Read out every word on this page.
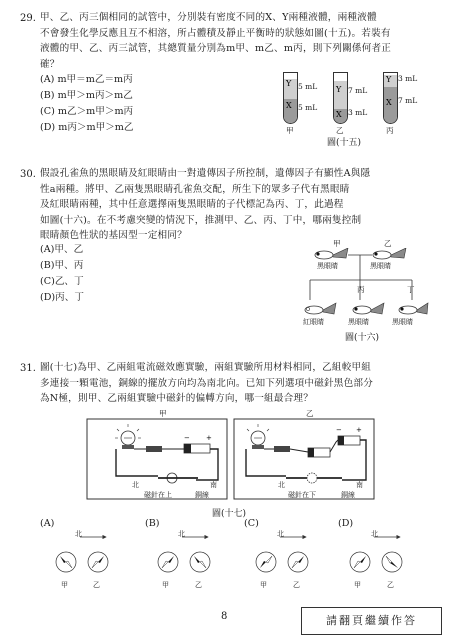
29. 甲、乙、丙三個相同的試管中，分別裝有密度不同的X、Y兩種液體，兩種液體
不會發生化學反應且互不相溶，所占體積及靜止平衡時的狀態如圖(十五)。若裝有
液體的甲、乙、丙三試管，其總質量分別為m甲、m乙、m丙，則下列關係何者正
確？
(A) m甲＝m乙＝m丙
(B) m甲＞m丙＞m乙
(C) m乙＞m甲＞m丙
(D) m丙＞m甲＞m乙
Y
X
5 mL
5 mL
甲
Y
X
7 mL
3 mL
乙
Y
X
3 mL
7 mL
丙
圖(十五)
30. 假設孔雀魚的黑眼睛及紅眼睛由一對遺傳因子所控制，遺傳因子有顯性A與隱
性a兩種。將甲、乙兩隻黑眼睛孔雀魚交配，所生下的眾多子代有黑眼睛
及紅眼睛兩種，其中任意選擇兩隻黑眼睛的子代標記為丙、丁，此過程
如圖(十六)。在不考慮突變的情況下，推測甲、乙、丙、丁中，哪兩隻控制
眼睛顏色性狀的基因型一定相同？
(A)甲、乙
(B)甲、丙
(C)乙、丁
(D)丙、丁
甲	乙
黑眼睛	黑眼睛
丙	丁
紅眼睛	黑眼睛	黑眼睛
圖(十六)
31. 圖(十七)為甲、乙兩組電流磁效應實驗，兩組實驗所用材料相同，乙組較甲組
多連接一顆電池，銅線的擺放方向均為南北向。已知下列選項中磁針黑色部分
為N極，則甲、乙兩組實驗中磁針的偏轉方向，哪一組最合理？
甲	乙
− +
− +
北	南
磁針在上	銅線
北	南
磁針在下	銅線
圖(十七)
(A)
北
甲	乙
(B)
北
甲	乙
(C)
北
甲	乙
(D)
北
甲	乙
8	請翻頁繼續作答
